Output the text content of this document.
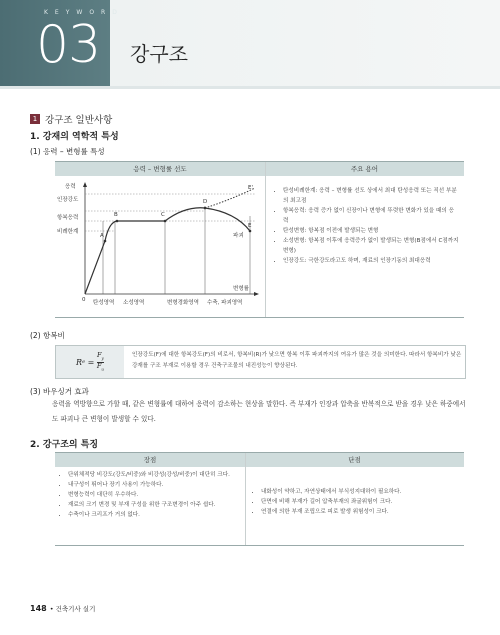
KEYWORD
03 강구조
1 강구조 일반사항
1. 강재의 역학적 특성
(1) 응력 – 변형률 특성
응력 – 변형률 선도	주요 용어
A
B	C
D
E
E'
파괴
응력
인장강도
항복응력
비례한계
0 탄성영역 소성영역	변형경화영역 수축, 파괴영역
변형률
• 탄성비례한계: 응력 – 변형률 선도 상에서 최대 탄성응력 또는 직선 부분의 최고점
• 항복응력: 응력 증가 없이 신장이나 변형에 뚜렷한 변화가 있을 때의 응력
• 탄성변형: 항복점 이전에 발생되는 변형
• 소성변형: 항복점 이후에 응력증가 없이 발생되는 변형(B점에서 C점까지 변형)
• 인장강도: 극한강도라고도 하며, 재료의 인장기동의 최대응력
(2) 항복비
R e =
$F_y$
$F_u$
인장강도(F)에 대한 항복강도(F)의 비로서, 항복비(R)가 낮으면 항복 이후 파괴까지의 여유가 많은 것을 의미한다. 따라서 항복비가 낮은 강재를 구조 부재로 이용할 경우 건축구조물의 내진성능이 향상된다.
(3) 바우싱거 효과
응력을 역방향으로 가할 때, 같은 변형률에 대하여 응력이 감소하는 현상을 말한다. 즉 부재가 인장과 압축을 반복적으로 받을 경우 낮은 하중에서도 파괴나 큰 변형이 발생할 수 있다.
2. 강구조의 특징
장점	단점
• 단위체적당 비강도(강도/비중)와 비강성(강성/비중)이 대단히 크다.
• 내구성이 뛰어나 장기 사용이 가능하다.
• 변형능력이 대단히 우수하다.
• 재료의 크기 변경 및 부재 구성을 위한 구조변경이 아주 쉽다.
• 수축이나 크리프가 거의 없다.
• 내화성이 약하고, 자연상태에서 부식성지대하이 필요하다.
• 단면에 비해 부재가 길어 압축부재의 좌굴위험이 크다.
• 연결에 의한 부재 조립으로 피로 발생 위험성이 크다.
148 • 건축기사 실기
